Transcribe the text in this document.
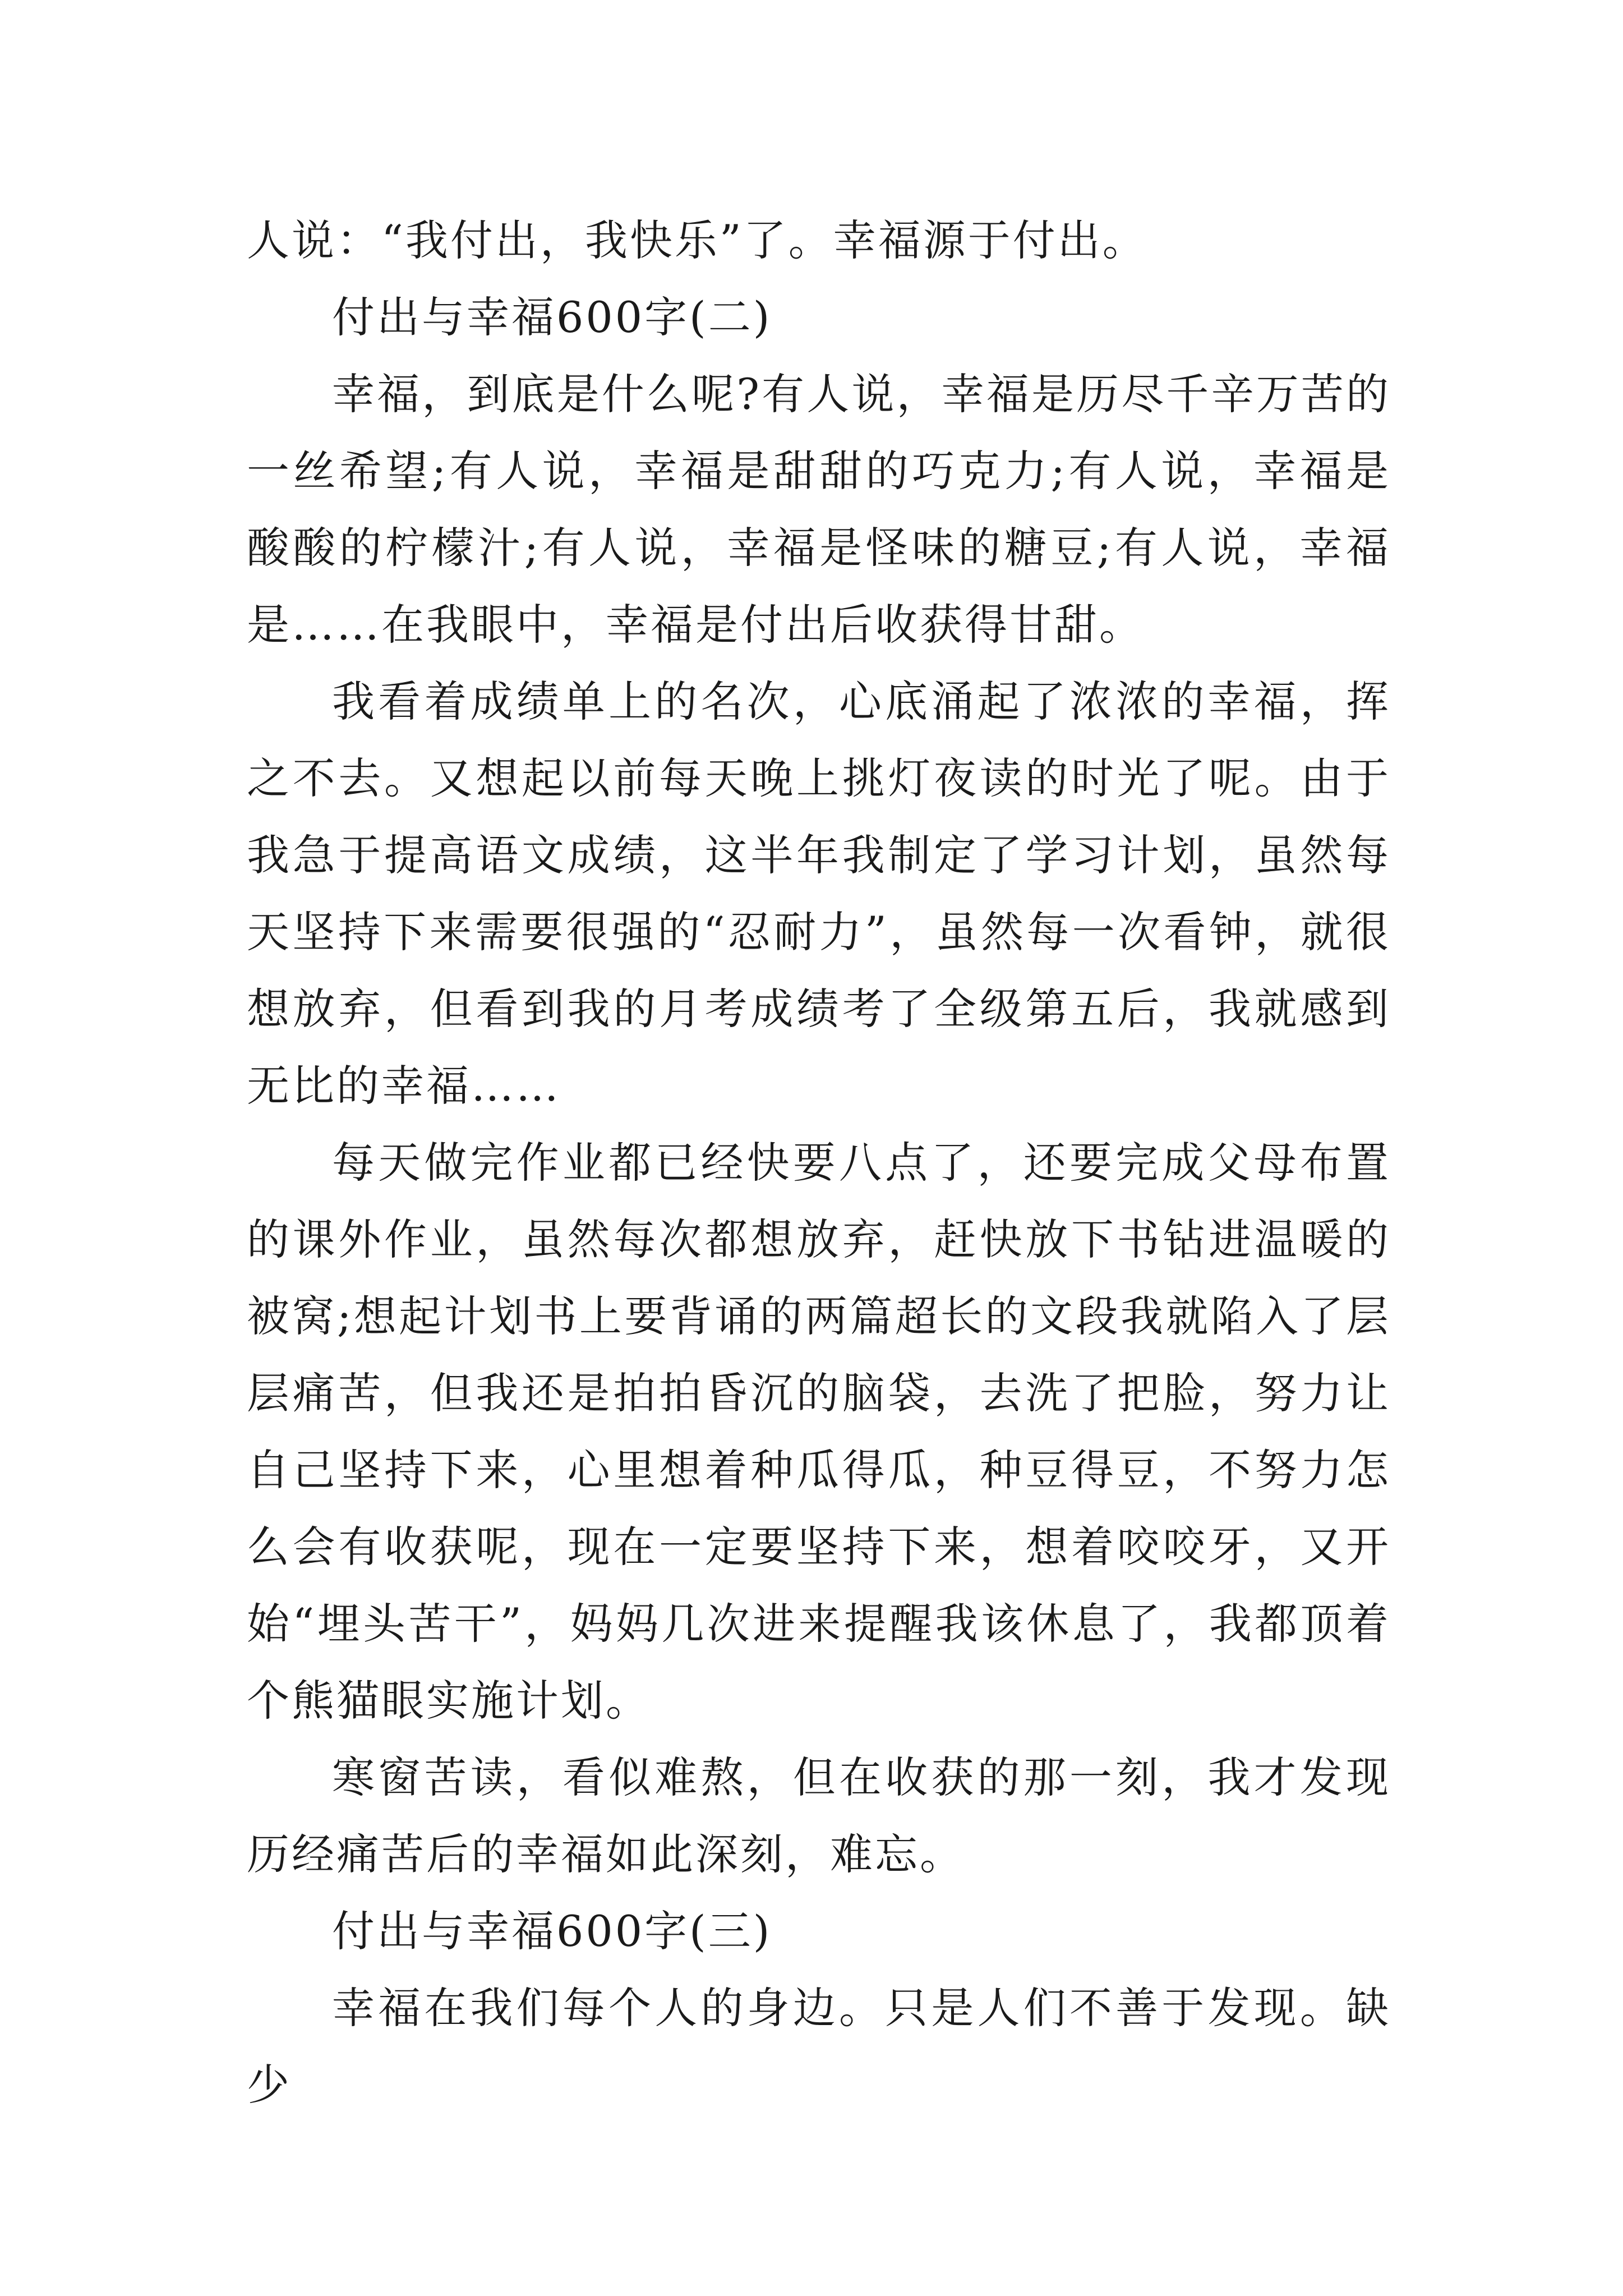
人说：“我付出，我快乐”了。幸福源于付出。

付出与幸福600字(二)

幸福，到底是什么呢?有人说，幸福是历尽千辛万苦的一丝希望;有人说，幸福是甜甜的巧克力;有人说，幸福是酸酸的柠檬汁;有人说，幸福是怪味的糖豆;有人说，幸福是……在我眼中，幸福是付出后收获得甘甜。

我看着成绩单上的名次，心底涌起了浓浓的幸福，挥之不去。又想起以前每天晚上挑灯夜读的时光了呢。由于我急于提高语文成绩，这半年我制定了学习计划，虽然每天坚持下来需要很强的“忍耐力”，虽然每一次看钟，就很想放弃，但看到我的月考成绩考了全级第五后，我就感到无比的幸福……

每天做完作业都已经快要八点了，还要完成父母布置的课外作业，虽然每次都想放弃，赶快放下书钻进温暖的被窝;想起计划书上要背诵的两篇超长的文段我就陷入了层层痛苦，但我还是拍拍昏沉的脑袋，去洗了把脸，努力让自己坚持下来，心里想着种瓜得瓜，种豆得豆，不努力怎么会有收获呢，现在一定要坚持下来，想着咬咬牙，又开始“埋头苦干”，妈妈几次进来提醒我该休息了，我都顶着个熊猫眼实施计划。

寒窗苦读，看似难熬，但在收获的那一刻，我才发现历经痛苦后的幸福如此深刻，难忘。

付出与幸福600字(三)

幸福在我们每个人的身边。只是人们不善于发现。缺少
